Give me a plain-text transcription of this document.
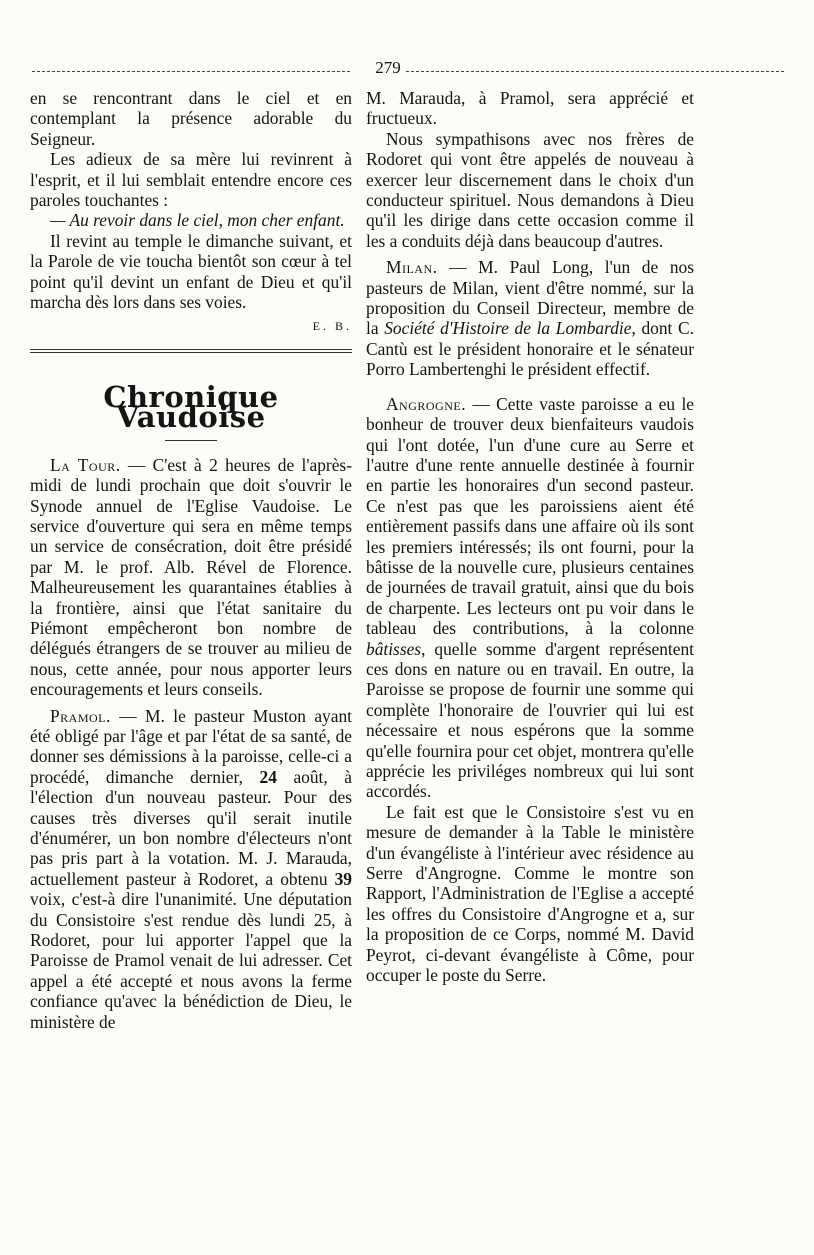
279

en se rencontrant dans le ciel et en contemplant la présence adorable du Seigneur.

Les adieux de sa mère lui revinrent à l'esprit, et il lui semblait entendre encore ces paroles touchantes :

— Au revoir dans le ciel, mon cher enfant.

Il revint au temple le dimanche suivant, et la Parole de vie toucha bientôt son cœur à tel point qu'il devint un enfant de Dieu et qu'il marcha dès lors dans ses voies.

E. B.
Chronique Vaudoise

La Tour. — C'est à 2 heures de l'après-midi de lundi prochain que doit s'ouvrir le Synode annuel de l'Eglise Vaudoise. Le service d'ouverture qui sera en même temps un service de consécration, doit être présidé par M. le prof. Alb. Rével de Florence. Malheureusement les quarantaines établies à la frontière, ainsi que l'état sanitaire du Piémont empêcheront bon nombre de délégués étrangers de se trouver au milieu de nous, cette année, pour nous apporter leurs encouragements et leurs conseils.

Pramol. — M. le pasteur Muston ayant été obligé par l'âge et par l'état de sa santé, de donner ses démissions à la paroisse, celle-ci a procédé, dimanche dernier, 24 août, à l'élection d'un nouveau pasteur. Pour des causes très diverses qu'il serait inutile d'énumérer, un bon nombre d'électeurs n'ont pas pris part à la votation. M. J. Marauda, actuellement pasteur à Rodoret, a obtenu 39 voix, c'est-à dire l'unanimité. Une députation du Consistoire s'est rendue dès lundi 25, à Rodoret, pour lui apporter l'appel que la Paroisse de Pramol venait de lui adresser. Cet appel a été accepté et nous avons la ferme confiance qu'avec la bénédiction de Dieu, le ministère de

M. Marauda, à Pramol, sera apprécié et fructueux.

Nous sympathisons avec nos frères de Rodoret qui vont être appelés de nouveau à exercer leur discernement dans le choix d'un conducteur spirituel. Nous demandons à Dieu qu'il les dirige dans cette occasion comme il les a conduits déjà dans beaucoup d'autres.

Milan. — M. Paul Long, l'un de nos pasteurs de Milan, vient d'être nommé, sur la proposition du Conseil Directeur, membre de la Société d'Histoire de la Lombardie, dont C. Cantù est le président honoraire et le sénateur Porro Lambertenghi le président effectif.

Angrogne. — Cette vaste paroisse a eu le bonheur de trouver deux bienfaiteurs vaudois qui l'ont dotée, l'un d'une cure au Serre et l'autre d'une rente annuelle destinée à fournir en partie les honoraires d'un second pasteur. Ce n'est pas que les paroissiens aient été entièrement passifs dans une affaire où ils sont les premiers intéressés; ils ont fourni, pour la bâtisse de la nouvelle cure, plusieurs centaines de journées de travail gratuit, ainsi que du bois de charpente. Les lecteurs ont pu voir dans le tableau des contributions, à la colonne bâtisses, quelle somme d'argent représentent ces dons en nature ou en travail. En outre, la Paroisse se propose de fournir une somme qui complète l'honoraire de l'ouvrier qui lui est nécessaire et nous espérons que la somme qu'elle fournira pour cet objet, montrera qu'elle apprécie les priviléges nombreux qui lui sont accordés.

Le fait est que le Consistoire s'est vu en mesure de demander à la Table le ministère d'un évangéliste à l'intérieur avec résidence au Serre d'Angrogne. Comme le montre son Rapport, l'Administration de l'Eglise a accepté les offres du Consistoire d'Angrogne et a, sur la proposition de ce Corps, nommé M. David Peyrot, ci-devant évangéliste à Côme, pour occuper le poste du Serre.
